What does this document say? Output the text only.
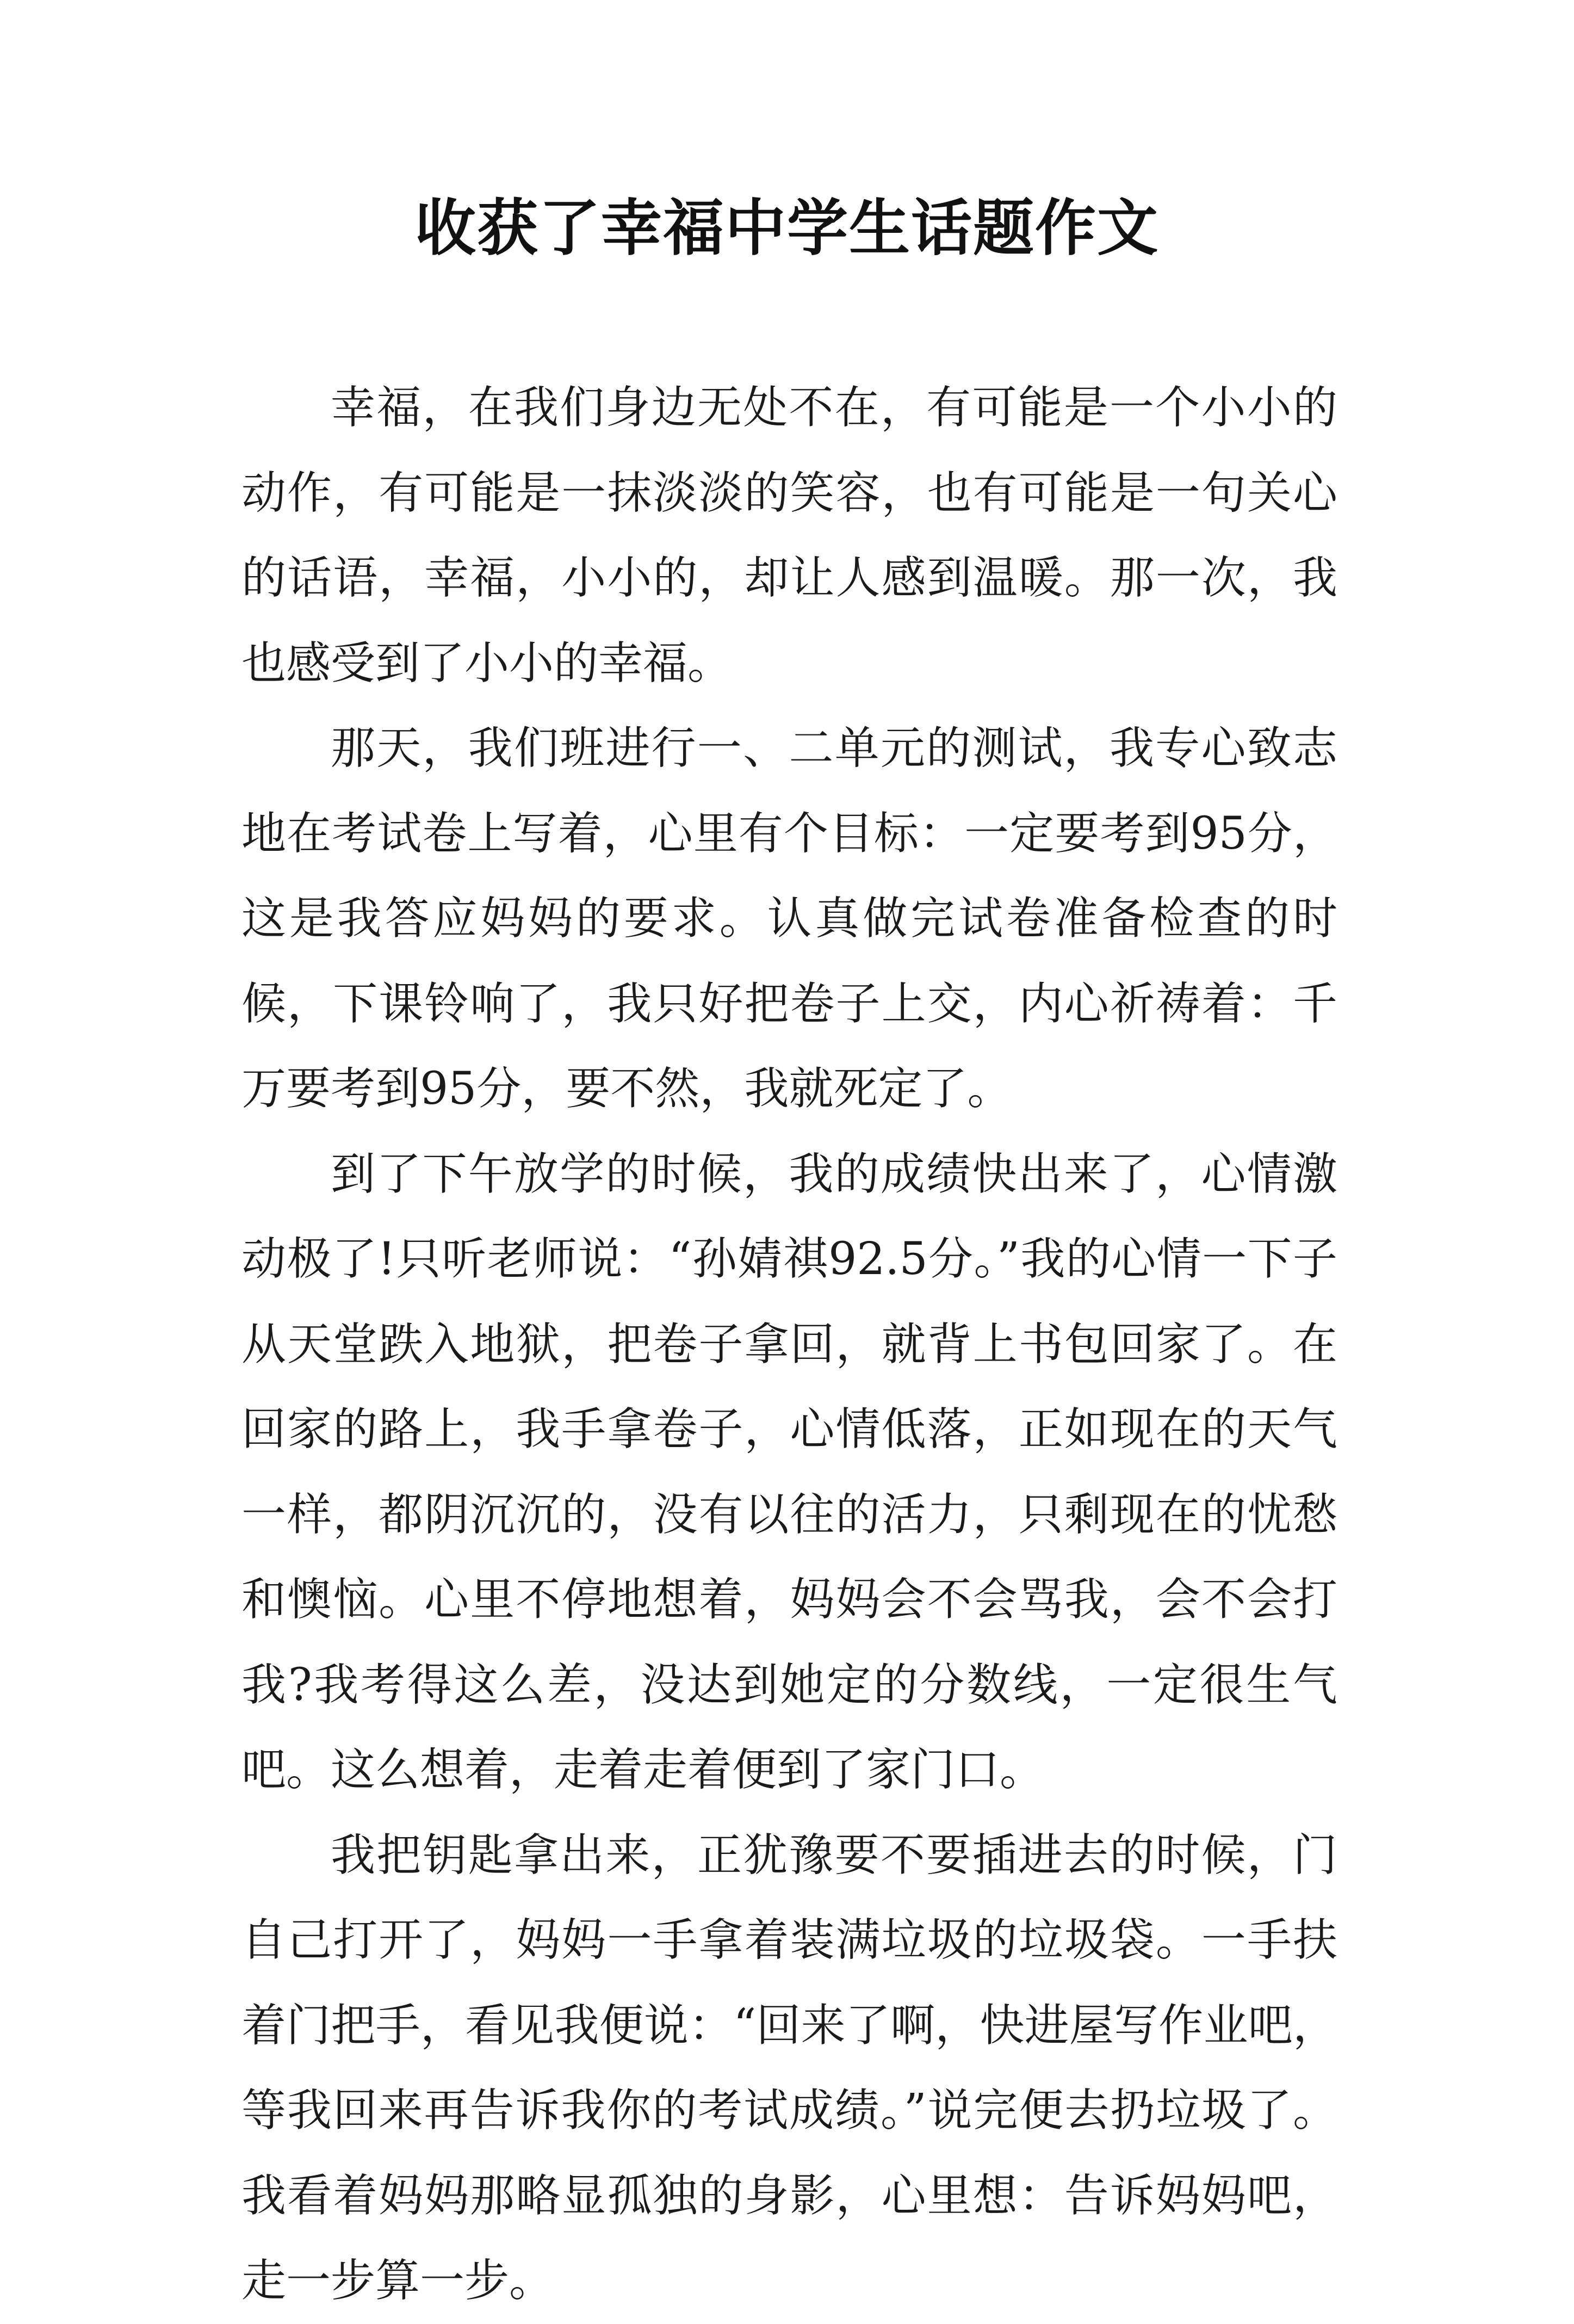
收获了幸福中学生话题作文

幸福，在我们身边无处不在，有可能是一个小小的动作，有可能是一抹淡淡的笑容，也有可能是一句关心的话语，幸福，小小的，却让人感到温暖。那一次，我也感受到了小小的幸福。

那天，我们班进行一、二单元的测试，我专心致志地在考试卷上写着，心里有个目标：一定要考到95分，这是我答应妈妈的要求。认真做完试卷准备检查的时候，下课铃响了，我只好把卷子上交，内心祈祷着：千万要考到95分，要不然，我就死定了。

到了下午放学的时候，我的成绩快出来了，心情激动极了!只听老师说：“孙婧祺92.5分。”我的心情一下子从天堂跌入地狱，把卷子拿回，就背上书包回家了。在回家的路上，我手拿卷子，心情低落，正如现在的天气一样，都阴沉沉的，没有以往的活力，只剩现在的忧愁和懊恼。心里不停地想着，妈妈会不会骂我，会不会打我?我考得这么差，没达到她定的分数线，一定很生气吧。这么想着，走着走着便到了家门口。

我把钥匙拿出来，正犹豫要不要插进去的时候，门自己打开了，妈妈一手拿着装满垃圾的垃圾袋。一手扶着门把手，看见我便说：“回来了啊，快进屋写作业吧，等我回来再告诉我你的考试成绩。”说完便去扔垃圾了。我看着妈妈那略显孤独的身影，心里想：告诉妈妈吧，走一步算一步。
